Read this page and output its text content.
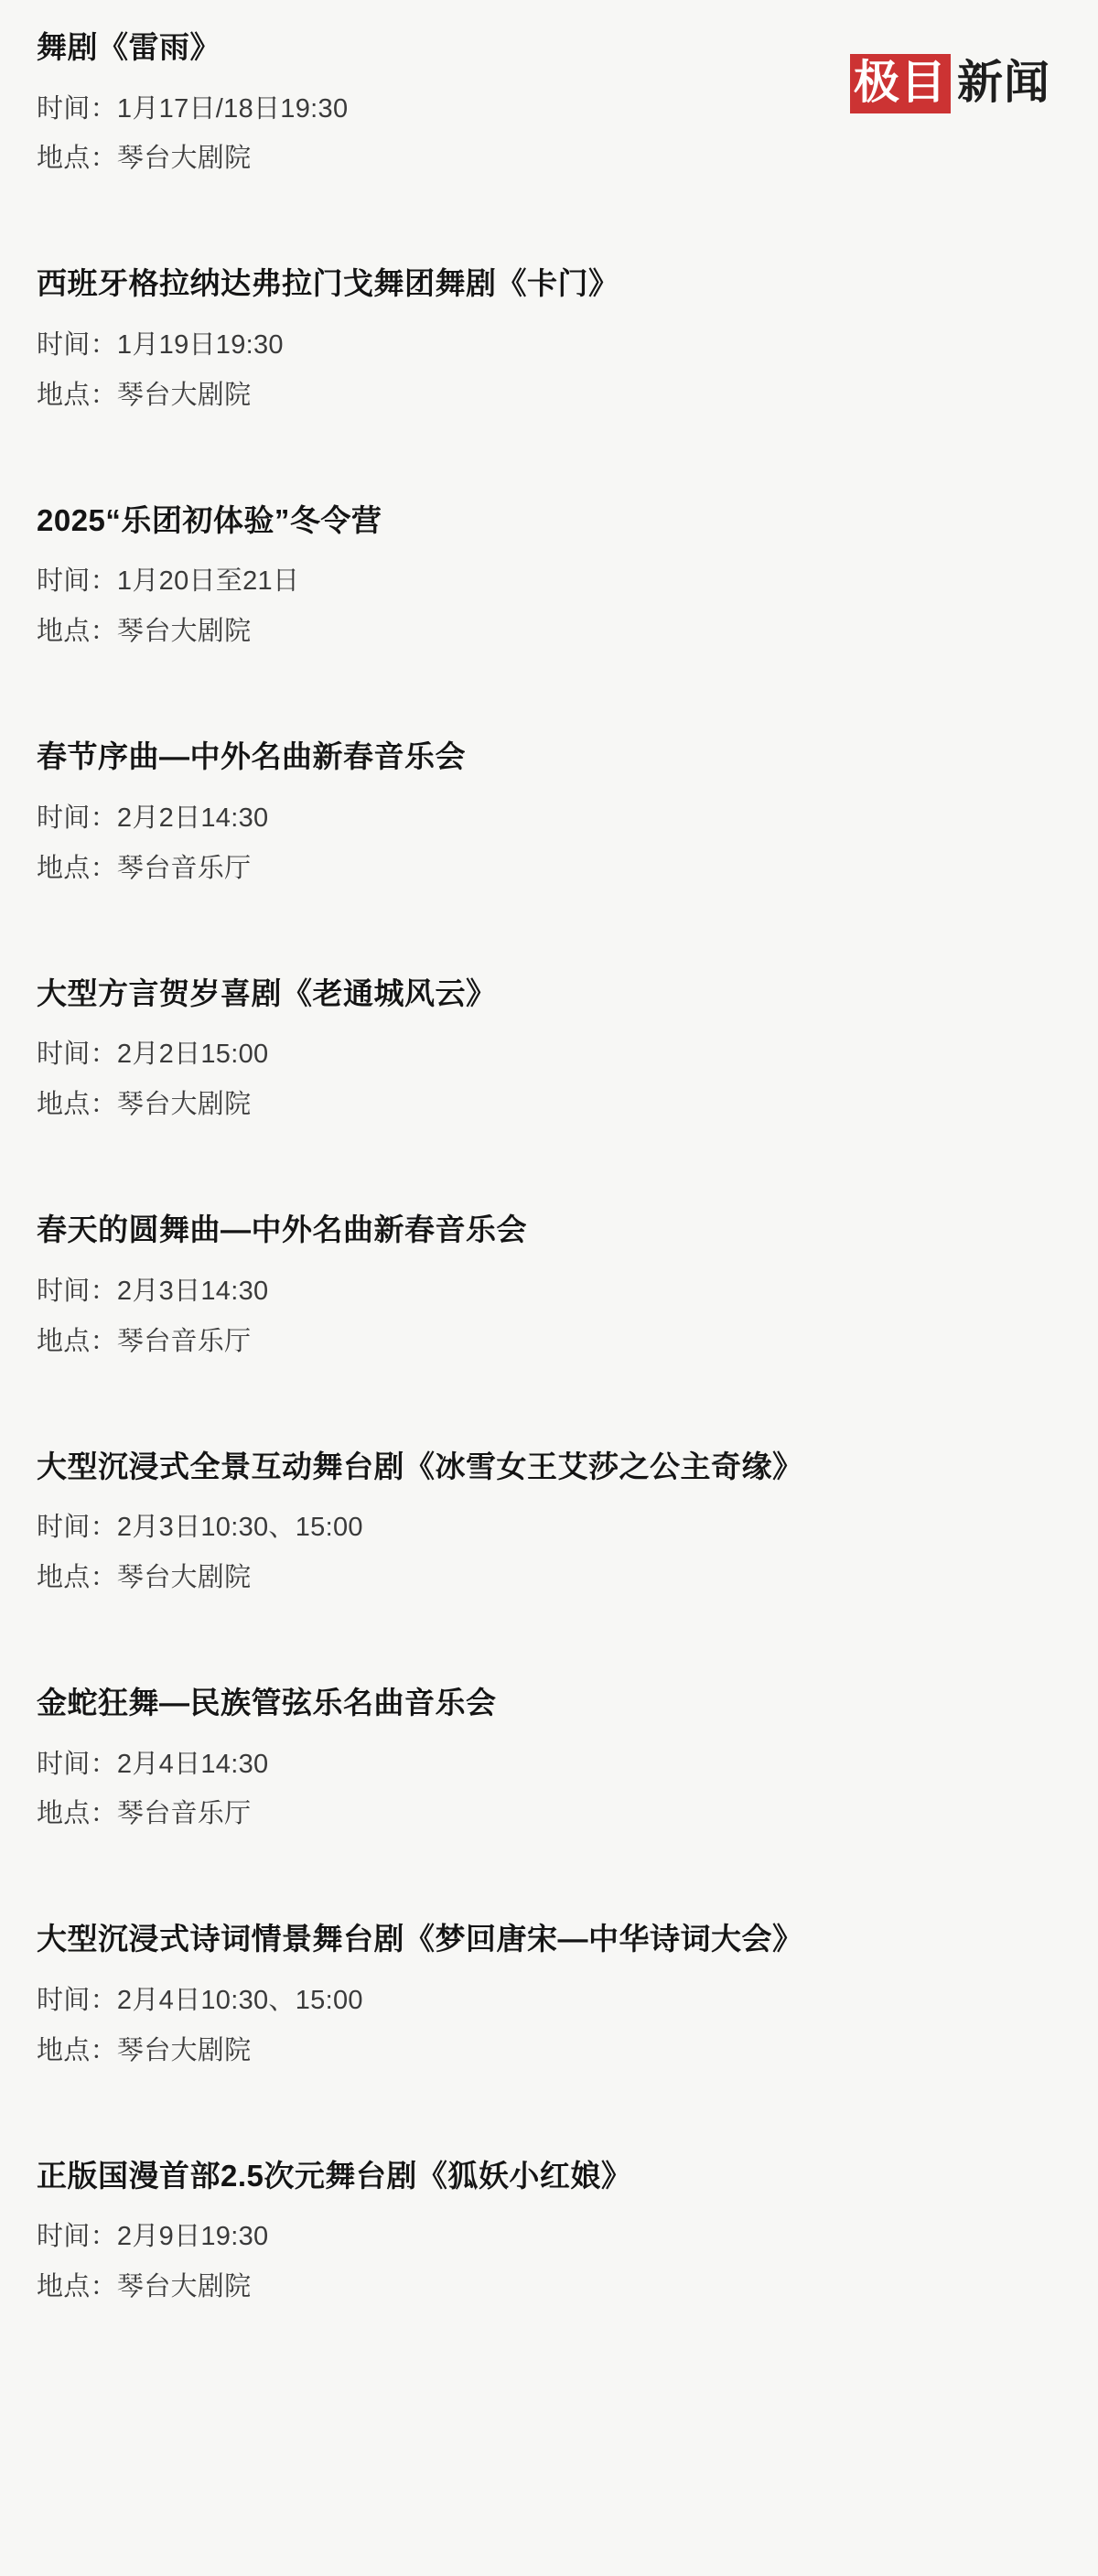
极目 新闻
舞剧《雷雨》
时间：1月17日/18日19:30
地点：琴台大剧院
西班牙格拉纳达弗拉门戈舞团舞剧《卡门》
时间：1月19日19:30
地点：琴台大剧院
2025“乐团初体验”冬令营
时间：1月20日至21日
地点：琴台大剧院
春节序曲—中外名曲新春音乐会
时间：2月2日14:30
地点：琴台音乐厅
大型方言贺岁喜剧《老通城风云》
时间：2月2日15:00
地点：琴台大剧院
春天的圆舞曲—中外名曲新春音乐会
时间：2月3日14:30
地点：琴台音乐厅
大型沉浸式全景互动舞台剧《冰雪女王艾莎之公主奇缘》
时间：2月3日10:30、15:00
地点：琴台大剧院
金蛇狂舞—民族管弦乐名曲音乐会
时间：2月4日14:30
地点：琴台音乐厅
大型沉浸式诗词情景舞台剧《梦回唐宋—中华诗词大会》
时间：2月4日10:30、15:00
地点：琴台大剧院
正版国漫首部2.5次元舞台剧《狐妖小红娘》
时间：2月9日19:30
地点：琴台大剧院
